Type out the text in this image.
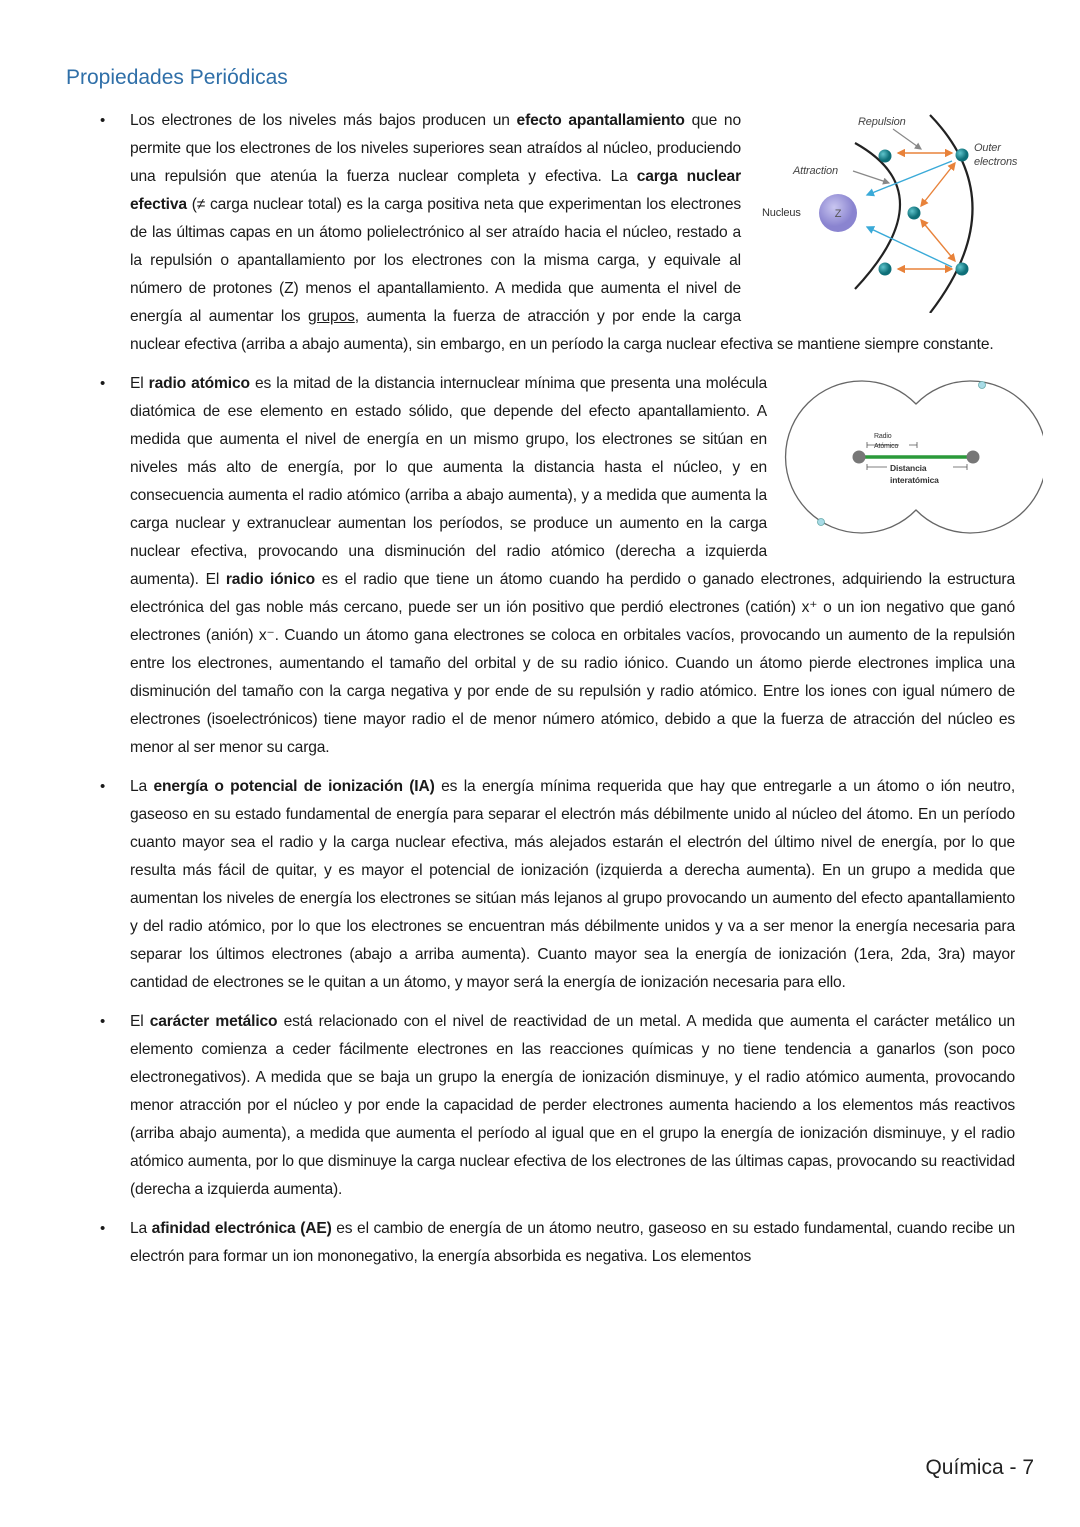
Propiedades Periódicas
•
Z
Repulsion
Attraction
Nucleus
Outer
electrons
Los electrones de los niveles más bajos producen un efecto apantallamiento que no permite que los electrones de los niveles superiores sean atraídos al núcleo, produciendo una repulsión que atenúa la fuerza nuclear completa y efectiva. La carga nuclear efectiva (≠ carga nuclear total) es la carga positiva neta que experimentan los electrones de las últimas capas en un átomo polielectrónico al ser atraído hacia el núcleo, restado a la repulsión o apantallamiento por los electrones con la misma carga, y equivale al número de protones (Z) menos el apantallamiento. A medida que aumenta el nivel de energía al aumentar los grupos, aumenta la fuerza de atracción y por ende la carga nuclear efectiva (arriba a abajo aumenta), sin embargo, en un período la carga nuclear efectiva se mantiene siempre constante.
•
Radio
Atómico
Distancia
interatómica
El radio atómico es la mitad de la distancia internuclear mínima que presenta una molécula diatómica de ese elemento en estado sólido, que depende del efecto apantallamiento. A medida que aumenta el nivel de energía en un mismo grupo, los electrones se sitúan en niveles más alto de energía, por lo que aumenta la distancia hasta el núcleo, y en consecuencia aumenta el radio atómico (arriba a abajo aumenta), y a medida que aumenta la carga nuclear y extranuclear aumentan los períodos, se produce un aumento en la carga nuclear efectiva, provocando una disminución del radio atómico (derecha a izquierda aumenta). El radio iónico es el radio que tiene un átomo cuando ha perdido o ganado electrones, adquiriendo la estructura electrónica del gas noble más cercano, puede ser un ión positivo que perdió electrones (catión) x⁺ o un ion negativo que ganó electrones (anión) x⁻. Cuando un átomo gana electrones se coloca en orbitales vacíos, provocando un aumento de la repulsión entre los electrones, aumentando el tamaño del orbital y de su radio iónico. Cuando un átomo pierde electrones implica una disminución del tamaño con la carga negativa y por ende de su repulsión y radio atómico. Entre los iones con igual número de electrones (isoelectrónicos) tiene mayor radio el de menor número atómico, debido a que la fuerza de atracción del núcleo es menor al ser menor su carga.
• La energía o potencial de ionización (IA) es la energía mínima requerida que hay que entregarle a un átomo o ión neutro, gaseoso en su estado fundamental de energía para separar el electrón más débilmente unido al núcleo del átomo. En un período cuanto mayor sea el radio y la carga nuclear efectiva, más alejados estarán el electrón del último nivel de energía, por lo que resulta más fácil de quitar, y es mayor el potencial de ionización (izquierda a derecha aumenta). En un grupo a medida que aumentan los niveles de energía los electrones se sitúan más lejanos al grupo provocando un aumento del efecto apantallamiento y del radio atómico, por lo que los electrones se encuentran más débilmente unidos y va a ser menor la energía necesaria para separar los últimos electrones (abajo a arriba aumenta). Cuanto mayor sea la energía de ionización (1era, 2da, 3ra) mayor cantidad de electrones se le quitan a un átomo, y mayor será la energía de ionización necesaria para ello.
• El carácter metálico está relacionado con el nivel de reactividad de un metal. A medida que aumenta el carácter metálico un elemento comienza a ceder fácilmente electrones en las reacciones químicas y no tiene tendencia a ganarlos (son poco electronegativos). A medida que se baja un grupo la energía de ionización disminuye, y el radio atómico aumenta, provocando menor atracción por el núcleo y por ende la capacidad de perder electrones aumenta haciendo a los elementos más reactivos (arriba abajo aumenta), a medida que aumenta el período al igual que en el grupo la energía de ionización disminuye, y el radio atómico aumenta, por lo que disminuye la carga nuclear efectiva de los electrones de las últimas capas, provocando su reactividad (derecha a izquierda aumenta).
• La afinidad electrónica (AE) es el cambio de energía de un átomo neutro, gaseoso en su estado fundamental, cuando recibe un electrón para formar un ion mononegativo, la energía absorbida es negativa. Los elementos
Química - 7
